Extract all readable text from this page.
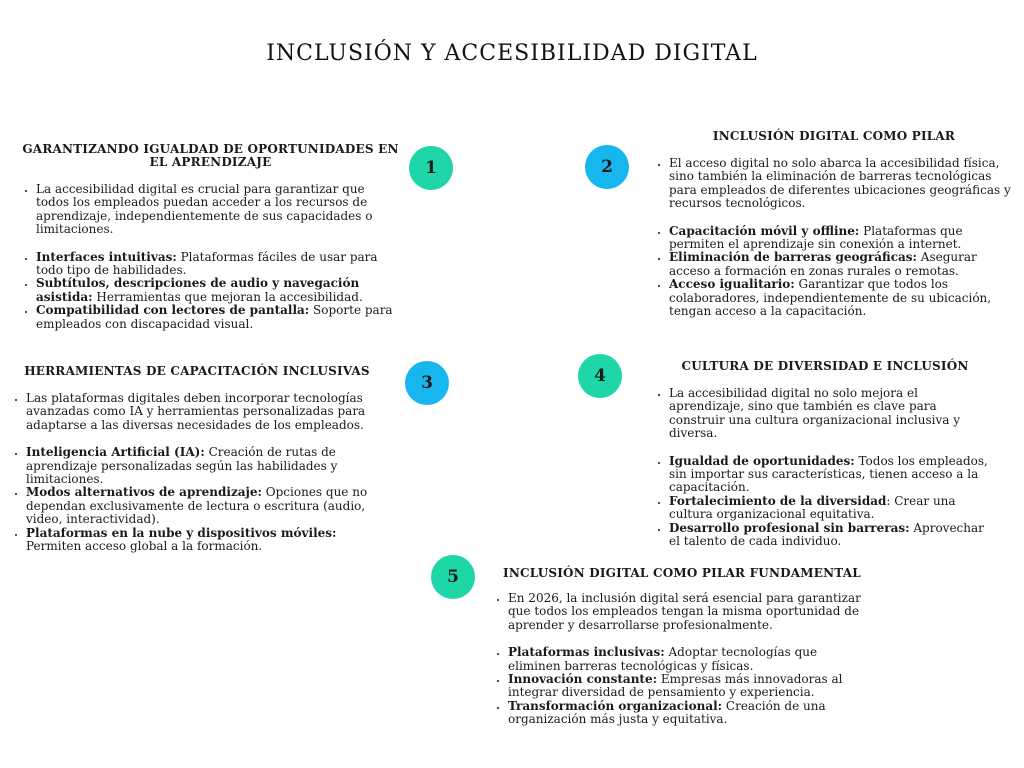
INCLUSIÓN Y ACCESIBILIDAD DIGITAL
1	2
3	4
5
GARANTIZANDO IGUALDAD DE OPORTUNIDADES EN EL APRENDIZAJE
• La accesibilidad digital es crucial para garantizar que todos los empleados puedan acceder a los recursos de aprendizaje, independientemente de sus capacidades o limitaciones.
• Interfaces intuitivas: Plataformas fáciles de usar para todo tipo de habilidades.
• Subtítulos, descripciones de audio y navegación asistida: Herramientas que mejoran la accesibilidad.
• Compatibilidad con lectores de pantalla: Soporte para empleados con discapacidad visual.
INCLUSIÓN DIGITAL COMO PILAR
• El acceso digital no solo abarca la accesibilidad física, sino también la eliminación de barreras tecnológicas para empleados de diferentes ubicaciones geográficas y recursos tecnológicos.
• Capacitación móvil y offline: Plataformas que permiten el aprendizaje sin conexión a internet.
• Eliminación de barreras geográficas: Asegurar acceso a formación en zonas rurales o remotas.
• Acceso igualitario: Garantizar que todos los colaboradores, independientemente de su ubicación, tengan acceso a la capacitación.
HERRAMIENTAS DE CAPACITACIÓN INCLUSIVAS
• Las plataformas digitales deben incorporar tecnologías avanzadas como IA y herramientas personalizadas para adaptarse a las diversas necesidades de los empleados.
• Inteligencia Artificial (IA): Creación de rutas de aprendizaje personalizadas según las habilidades y limitaciones.
• Modos alternativos de aprendizaje: Opciones que no dependan exclusivamente de lectura o escritura (audio, video, interactividad).
• Plataformas en la nube y dispositivos móviles: Permiten acceso global a la formación.
CULTURA DE DIVERSIDAD E INCLUSIÓN
• La accesibilidad digital no solo mejora el aprendizaje, sino que también es clave para construir una cultura organizacional inclusiva y diversa.
• Igualdad de oportunidades: Todos los empleados, sin importar sus características, tienen acceso a la capacitación.
• Fortalecimiento de la diversidad: Crear una cultura organizacional equitativa.
• Desarrollo profesional sin barreras: Aprovechar el talento de cada individuo.
INCLUSIÓN DIGITAL COMO PILAR FUNDAMENTAL
• En 2026, la inclusión digital será esencial para garantizar que todos los empleados tengan la misma oportunidad de aprender y desarrollarse profesionalmente.
• Plataformas inclusivas: Adoptar tecnologías que eliminen barreras tecnológicas y físicas.
• Innovación constante: Empresas más innovadoras al integrar diversidad de pensamiento y experiencia.
• Transformación organizacional: Creación de una organización más justa y equitativa.
